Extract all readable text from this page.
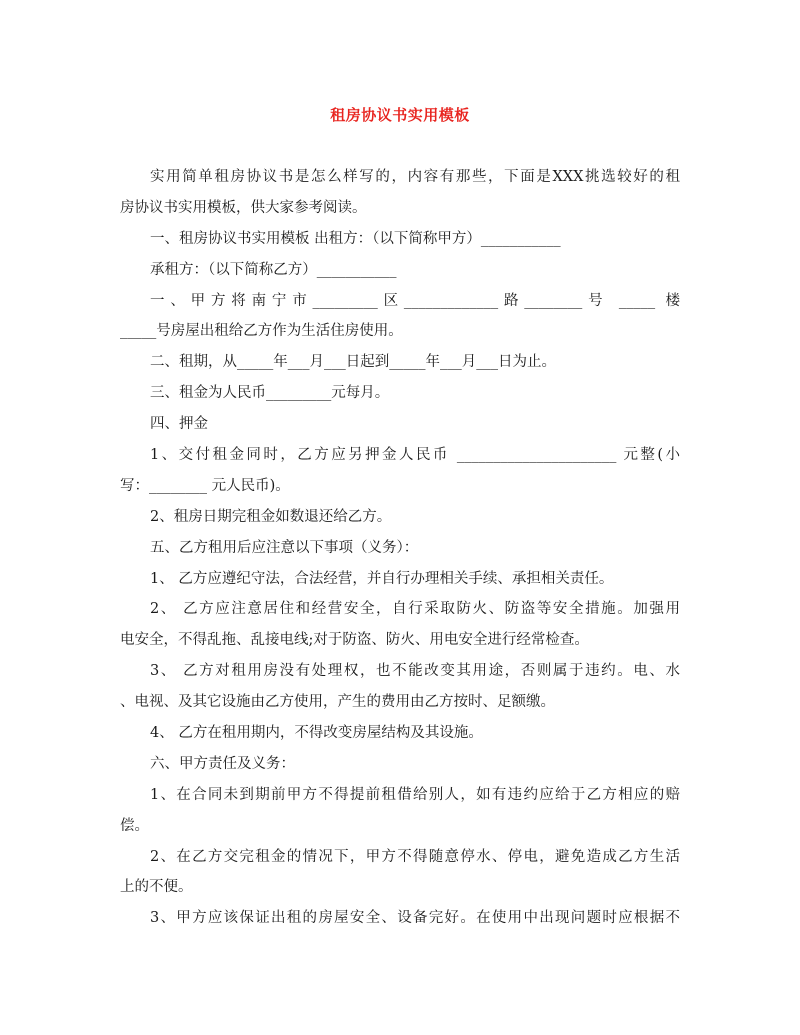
租房协议书实用模板
实用简单租房协议书是怎么样写的，内容有那些，下面是XXX挑选较好的租
房协议书实用模板，供大家参考阅读。
一、租房协议书实用模板 出租方：（以下简称甲方）___________
承租方：（以下简称乙方）___________
一、甲方将南宁市_________区_____________路________号 _____ 楼
_____号房屋出租给乙方作为生活住房使用。
二、租期，从_____年___月___日起到_____年___月___日为止。
三、租金为人民币_________元每月。
四、押金
1、交付租金同时，乙方应另押金人民币 ______________________ 元整(小
写：________ 元人民币)。
2、租房日期完租金如数退还给乙方。
五、乙方租用后应注意以下事项（义务）：
1、 乙方应遵纪守法，合法经营，并自行办理相关手续、承担相关责任。
2、 乙方应注意居住和经营安全，自行采取防火、防盗等安全措施。加强用
电安全，不得乱拖、乱接电线;对于防盗、防火、用电安全进行经常检查。
3、 乙方对租用房没有处理权，也不能改变其用途，否则属于违约。电、水
、电视、及其它设施由乙方使用，产生的费用由乙方按时、足额缴。
4、 乙方在租用期内，不得改变房屋结构及其设施。
六、甲方责任及义务：
1、在合同未到期前甲方不得提前租借给别人，如有违约应给于乙方相应的赔
偿。
2、在乙方交完租金的情况下，甲方不得随意停水、停电，避免造成乙方生活
上的不便。
3、甲方应该保证出租的房屋安全、设备完好。在使用中出现问题时应根据不
